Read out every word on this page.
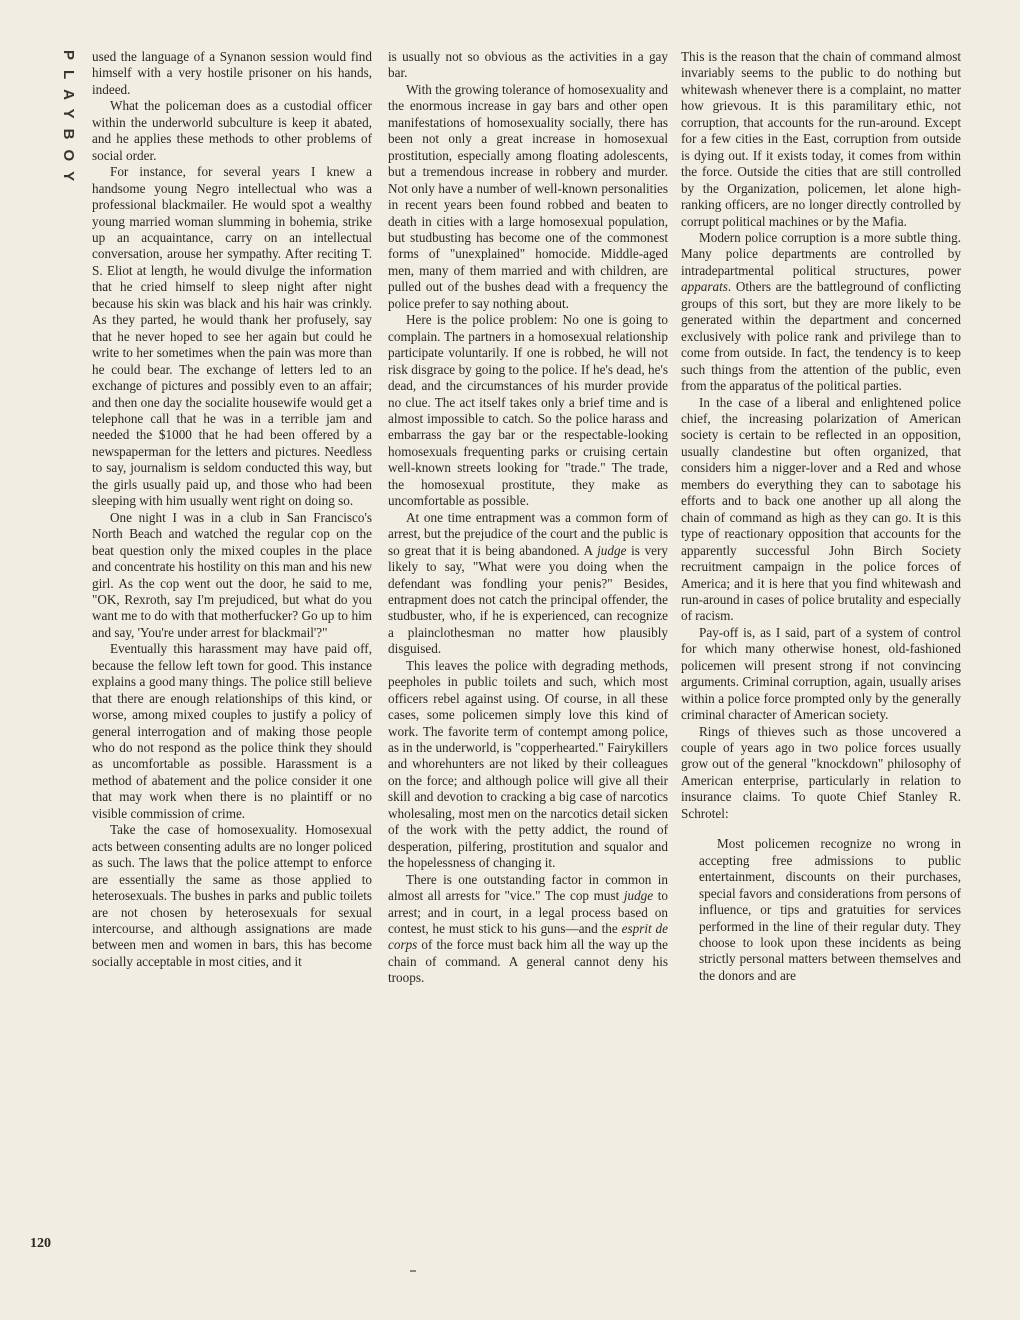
PLAYBOY
120

used the language of a Synanon session would find himself with a very hostile prisoner on his hands, indeed.

What the policeman does as a custodial officer within the underworld subculture is keep it abated, and he applies these methods to other problems of social order.

For instance, for several years I knew a handsome young Negro intellectual who was a professional blackmailer. He would spot a wealthy young married woman slumming in bohemia, strike up an acquaintance, carry on an intellectual conversation, arouse her sympathy. After reciting T. S. Eliot at length, he would divulge the information that he cried himself to sleep night after night because his skin was black and his hair was crinkly. As they parted, he would thank her profusely, say that he never hoped to see her again but could he write to her sometimes when the pain was more than he could bear. The exchange of letters led to an exchange of pictures and possibly even to an affair; and then one day the socialite housewife would get a telephone call that he was in a terrible jam and needed the $1000 that he had been offered by a newspaperman for the letters and pictures. Needless to say, journalism is seldom conducted this way, but the girls usually paid up, and those who had been sleeping with him usually went right on doing so.

One night I was in a club in San Francisco's North Beach and watched the regular cop on the beat question only the mixed couples in the place and concentrate his hostility on this man and his new girl. As the cop went out the door, he said to me, "OK, Rexroth, say I'm prejudiced, but what do you want me to do with that motherfucker? Go up to him and say, 'You're under arrest for blackmail'?"

Eventually this harassment may have paid off, because the fellow left town for good. This instance explains a good many things. The police still believe that there are enough relationships of this kind, or worse, among mixed couples to justify a policy of general interrogation and of making those people who do not respond as the police think they should as uncomfortable as possible. Harassment is a method of abatement and the police consider it one that may work when there is no plaintiff or no visible commission of crime.

Take the case of homosexuality. Homosexual acts between consenting adults are no longer policed as such. The laws that the police attempt to enforce are essentially the same as those applied to heterosexuals. The bushes in parks and public toilets are not chosen by heterosexuals for sexual intercourse, and although assignations are made between men and women in bars, this has become socially acceptable in most cities, and it

is usually not so obvious as the activities in a gay bar.

With the growing tolerance of homosexuality and the enormous increase in gay bars and other open manifestations of homosexuality socially, there has been not only a great increase in homosexual prostitution, especially among floating adolescents, but a tremendous increase in robbery and murder. Not only have a number of well-known personalities in recent years been found robbed and beaten to death in cities with a large homosexual population, but studbusting has become one of the commonest forms of "unexplained" homocide. Middle-aged men, many of them married and with children, are pulled out of the bushes dead with a frequency the police prefer to say nothing about.

Here is the police problem: No one is going to complain. The partners in a homosexual relationship participate voluntarily. If one is robbed, he will not risk disgrace by going to the police. If he's dead, he's dead, and the circumstances of his murder provide no clue. The act itself takes only a brief time and is almost impossible to catch. So the police harass and embarrass the gay bar or the respectable-looking homosexuals frequenting parks or cruising certain well-known streets looking for "trade." The trade, the homosexual prostitute, they make as uncomfortable as possible.

At one time entrapment was a common form of arrest, but the prejudice of the court and the public is so great that it is being abandoned. A judge is very likely to say, "What were you doing when the defendant was fondling your penis?" Besides, entrapment does not catch the principal offender, the studbuster, who, if he is experienced, can recognize a plainclothesman no matter how plausibly disguised.

This leaves the police with degrading methods, peepholes in public toilets and such, which most officers rebel against using. Of course, in all these cases, some policemen simply love this kind of work. The favorite term of contempt among police, as in the underworld, is "copperhearted." Fairykillers and whorehunters are not liked by their colleagues on the force; and although police will give all their skill and devotion to cracking a big case of narcotics wholesaling, most men on the narcotics detail sicken of the work with the petty addict, the round of desperation, pilfering, prostitution and squalor and the hopelessness of changing it.

There is one outstanding factor in common in almost all arrests for "vice." The cop must judge to arrest; and in court, in a legal process based on contest, he must stick to his guns—and the esprit de corps of the force must back him all the way up the chain of command. A general cannot deny his troops.

This is the reason that the chain of command almost invariably seems to the public to do nothing but whitewash whenever there is a complaint, no matter how grievous. It is this paramilitary ethic, not corruption, that accounts for the run-around. Except for a few cities in the East, corruption from outside is dying out. If it exists today, it comes from within the force. Outside the cities that are still controlled by the Organization, policemen, let alone high-ranking officers, are no longer directly controlled by corrupt political machines or by the Mafia.

Modern police corruption is a more subtle thing. Many police departments are controlled by intradepartmental political structures, power apparats. Others are the battleground of conflicting groups of this sort, but they are more likely to be generated within the department and concerned exclusively with police rank and privilege than to come from outside. In fact, the tendency is to keep such things from the attention of the public, even from the apparatus of the political parties.

In the case of a liberal and enlightened police chief, the increasing polarization of American society is certain to be reflected in an opposition, usually clandestine but often organized, that considers him a nigger-lover and a Red and whose members do everything they can to sabotage his efforts and to back one another up all along the chain of command as high as they can go. It is this type of reactionary opposition that accounts for the apparently successful John Birch Society recruitment campaign in the police forces of America; and it is here that you find whitewash and run-around in cases of police brutality and especially of racism.

Pay-off is, as I said, part of a system of control for which many otherwise honest, old-fashioned policemen will present strong if not convincing arguments. Criminal corruption, again, usually arises within a police force prompted only by the generally criminal character of American society.

Rings of thieves such as those uncovered a couple of years ago in two police forces usually grow out of the general "knockdown" philosophy of American enterprise, particularly in relation to insurance claims. To quote Chief Stanley R. Schrotel:

Most policemen recognize no wrong in accepting free admissions to public entertainment, discounts on their purchases, special favors and considerations from persons of influence, or tips and gratuities for services performed in the line of their regular duty. They choose to look upon these incidents as being strictly personal matters between themselves and the donors and are
